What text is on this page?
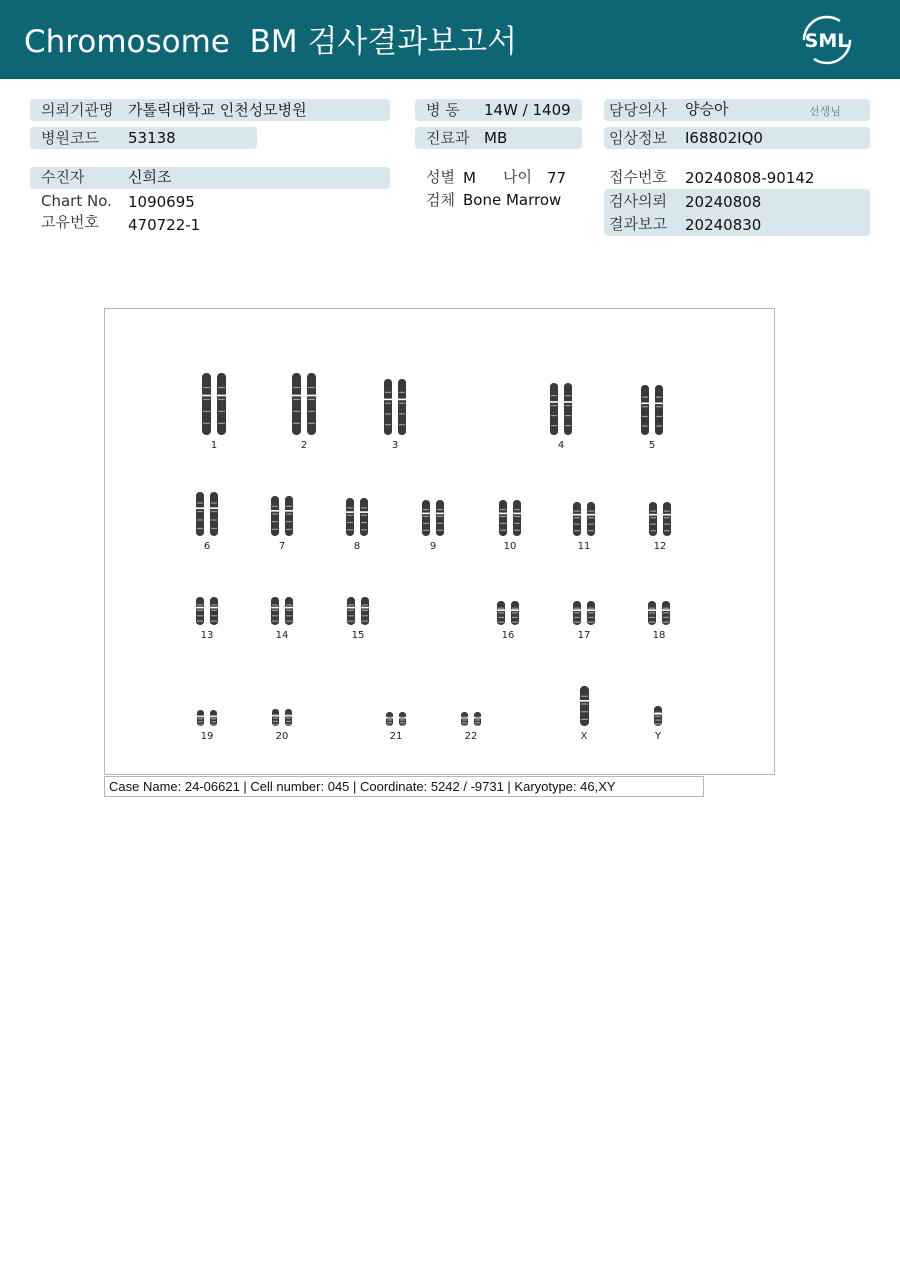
Chromosome  BM 검사결과보고서	SML
의뢰기관명 가톨릭대학교 인천성모병원
병원코드 53138
수진자	신희조
Chart No. 1090695
고유번호 470722-1
병 동 14W / 1409
진료과 MB
성별 M 나이 77
검체 Bone Marrow
담당의사 양승아	선생님
임상정보 I68802IQ0
접수번호 20240808-90142
검사의뢰 20240808
결과보고 20240830
1	2	3	4	5
6	7	8	9	10	11	12
13	14	15	16	17	18
19	20	21	22	X	Y
Case Name: 24-06621 | Cell number: 045 | Coordinate: 5242 / -9731 | Karyotype: 46,XY
